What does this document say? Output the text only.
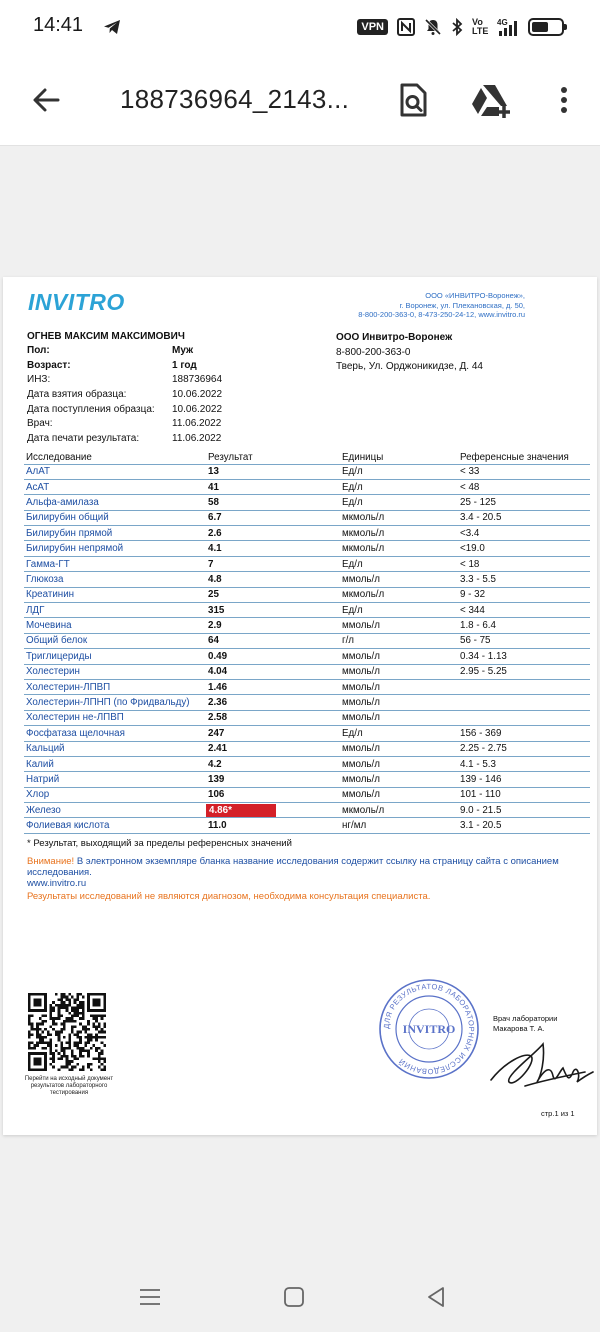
14:41	VPN	Vo LTE
4G
188736964_2143...
INVITRO	ООО «ИНВИТРО-Воронеж»,
г. Воронеж, ул. Плехановская, д. 50,
8-800-200-363-0, 8-473-250-24-12, www.invitro.ru
ОГНЕВ МАКСИМ МАКСИМОВИЧ
Пол:	Муж
Возраст:	1 год
ИНЗ:	188736964
Дата взятия образца:	10.06.2022
Дата поступления образца: 10.06.2022
Врач:	11.06.2022
Дата печати результата:	11.06.2022
ООО Инвитро-Воронеж
8-800-200-363-0
Тверь, Ул. Орджоникидзе, Д. 44
Исследование	Результат	Единицы	Референсные значения
АлАТ	13	Ед/л	< 33
АсАТ	41	Ед/л	< 48
Альфа-амилаза	58	Ед/л	25 - 125
Билирубин общий	6.7	мкмоль/л	3.4 - 20.5
Билирубин прямой	2.6	мкмоль/л	<3.4
Билирубин непрямой	4.1	мкмоль/л	<19.0
Гамма-ГТ	7	Ед/л	< 18
Глюкоза	4.8	ммоль/л	3.3 - 5.5
Креатинин	25	мкмоль/л	9 - 32
ЛДГ	315	Ед/л	< 344
Мочевина	2.9	ммоль/л	1.8 - 6.4
Общий белок	64	г/л	56 - 75
Триглицериды	0.49	ммоль/л	0.34 - 1.13
Холестерин	4.04	ммоль/л	2.95 - 5.25
Холестерин-ЛПВП	1.46	ммоль/л	
Холестерин-ЛПНП (по Фридвальду)	2.36	ммоль/л	
Холестерин не-ЛПВП	2.58	ммоль/л	
Фосфатаза щелочная	247	Ед/л	156 - 369
Кальций	2.41	ммоль/л	2.25 - 2.75
Калий	4.2	ммоль/л	4.1 - 5.3
Натрий	139	ммоль/л	139 - 146
Хлор	106	ммоль/л	101 - 110
Железо	4.86*	мкмоль/л	9.0 - 21.5
Фолиевая кислота	11.0	нг/мл	3.1 - 20.5
* Результат, выходящий за пределы референсных значений
Внимание! В электронном экземпляре бланка название исследования содержит ссылку на страницу сайта с описанием исследования.
www.invitro.ru
Результаты исследований не являются диагнозом, необходима консультация специалиста.
Перейти на исходный документ результатов лабораторного тестирования
ДЛЯ РЕЗУЛЬТАТОВ ЛАБОРАТОРНЫХ ИССЛЕДОВАНИЙ
INVITRO
Врач лаборатории
Макарова Т. А.
стр.1 из 1
